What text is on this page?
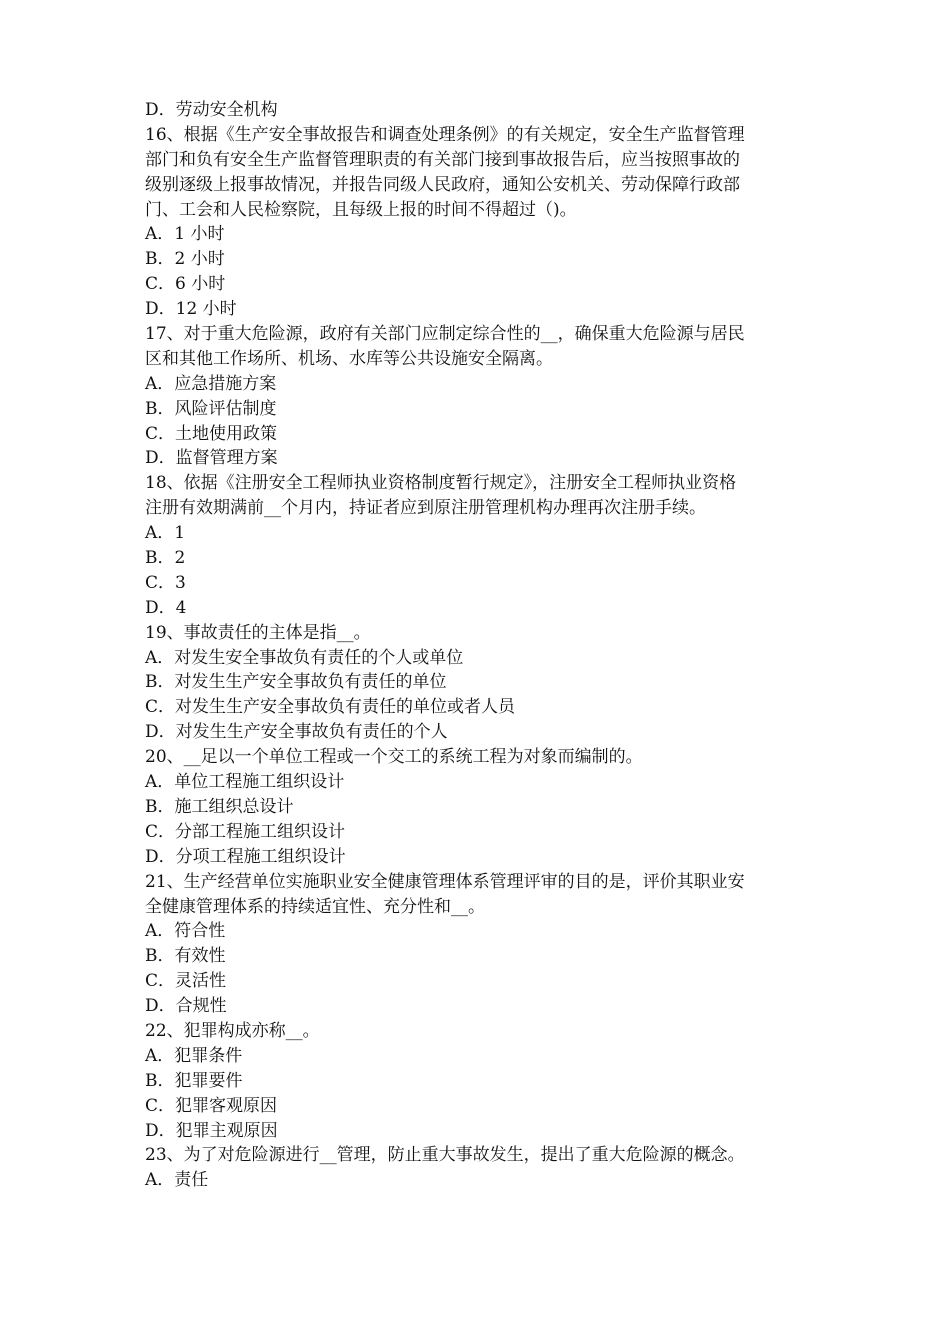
D．劳动安全机构
16、根据《生产安全事故报告和调查处理条例》的有关规定，安全生产监督管理
部门和负有安全生产监督管理职责的有关部门接到事故报告后，应当按照事故的
级别逐级上报事故情况，并报告同级人民政府，通知公安机关、劳动保障行政部
门、工会和人民检察院，且每级上报的时间不得超过（)。
A．1 小时
B．2 小时
C．6 小时
D．12 小时
17、对于重大危险源，政府有关部门应制定综合性的__，确保重大危险源与居民
区和其他工作场所、机场、水库等公共设施安全隔离。
A．应急措施方案
B．风险评估制度
C．土地使用政策
D．监督管理方案
18、依据《注册安全工程师执业资格制度暂行规定》，注册安全工程师执业资格
注册有效期满前__个月内，持证者应到原注册管理机构办理再次注册手续。
A．1
B．2
C．3
D．4
19、事故责任的主体是指__。
A．对发生安全事故负有责任的个人或单位
B．对发生生产安全事故负有责任的单位
C．对发生生产安全事故负有责任的单位或者人员
D．对发生生产安全事故负有责任的个人
20、__足以一个单位工程或一个交工的系统工程为对象而编制的。
A．单位工程施工组织设计
B．施工组织总设计
C．分部工程施工组织设计
D．分项工程施工组织设计
21、生产经营单位实施职业安全健康管理体系管理评审的目的是，评价其职业安
全健康管理体系的持续适宜性、充分性和__。
A．符合性
B．有效性
C．灵活性
D．合规性
22、犯罪构成亦称__。
A．犯罪条件
B．犯罪要件
C．犯罪客观原因
D．犯罪主观原因
23、为了对危险源进行__管理，防止重大事故发生，提出了重大危险源的概念。
A．责任
